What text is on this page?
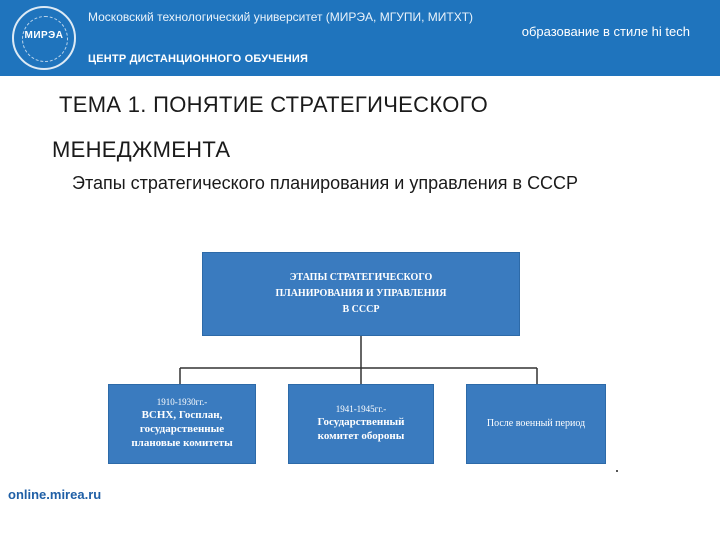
МИРЭА
Московский технологический университет (МИРЭА, МГУПИ, МИТХТ)
образование в стиле hi tech
ЦЕНТР ДИСТАНЦИОННОГО ОБУЧЕНИЯ
ТЕМА 1. ПОНЯТИЕ СТРАТЕГИЧЕСКОГО
МЕНЕДЖМЕНТА
Этапы стратегического планирования и управления в СССР
ЭТАПЫ СТРАТЕГИЧЕСКОГО
ПЛАНИРОВАНИЯ И УПРАВЛЕНИЯ
В СССР
1910-1930гг.-
ВСНХ, Госплан,
государственные
плановые комитеты
1941-1945гг.-
Государственный
комитет обороны
После военный период
online.mirea.ru
